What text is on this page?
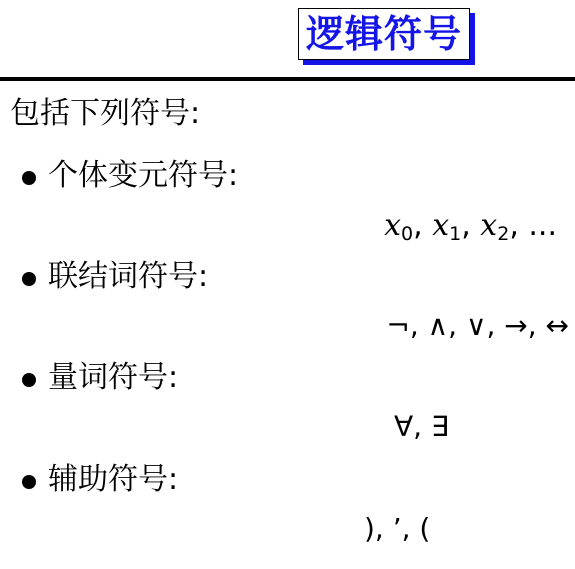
逻辑符号
包括下列符号:
个体变元符号:
$x_0$, $x_1$, $x_2$, ...
联结词符号:
¬, ∧, ∨, →, ↔
量词符号:
∀, ∃
辅助符号:
), ’, (
